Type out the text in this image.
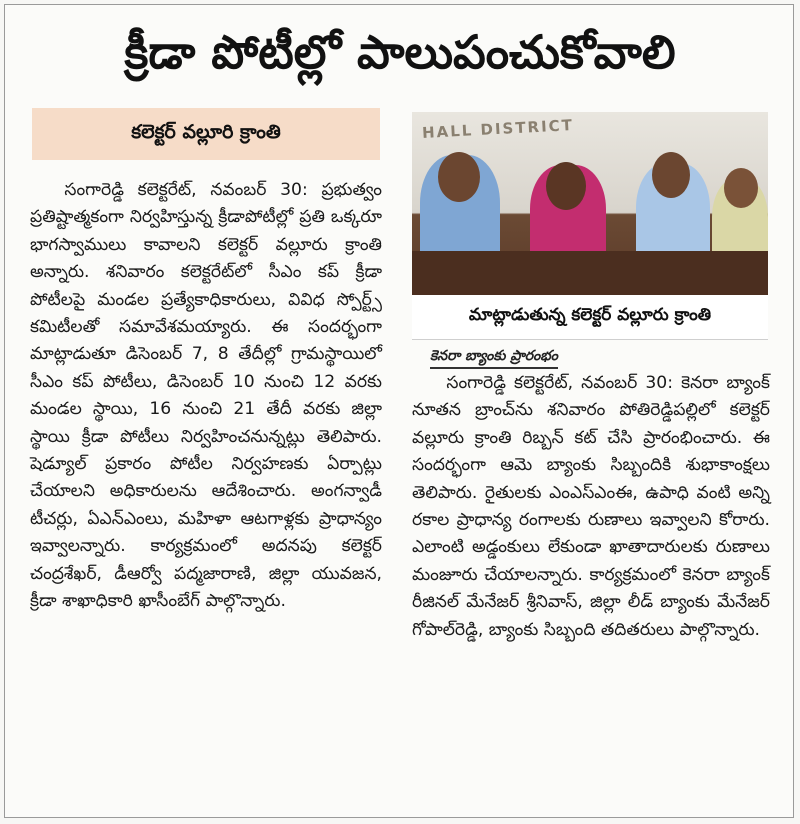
క్రీడా పోటీల్లో పాలుపంచుకోవాలి
కలెక్టర్ వల్లూరి క్రాంతి

సంగారెడ్డి కలెక్టరేట్, నవంబర్ 30: ప్రభుత్వం ప్రతిష్టాత్మకంగా నిర్వహిస్తున్న క్రీడాపోటీల్లో ప్రతి ఒక్కరూ భాగస్వాములు కావాలని కలెక్టర్ వల్లూరు క్రాంతి అన్నారు. శనివారం కలెక్టరేట్‌లో సీఎం కప్ క్రీడా పోటీలపై మండల ప్రత్యేకాధికారులు, వివిధ స్పోర్ట్స్ కమిటీలతో సమావేశమయ్యారు. ఈ సందర్భంగా మాట్లాడుతూ డిసెంబర్ 7, 8 తేదీల్లో గ్రామస్థాయిలో సీఎం కప్ పోటీలు, డిసెంబర్ 10 నుంచి 12 వరకు మండల స్థాయి, 16 నుంచి 21 తేదీ వరకు జిల్లా స్థాయి క్రీడా పోటీలు నిర్వహించనున్నట్లు తెలిపారు. షెడ్యూల్ ప్రకారం పోటీల నిర్వహణకు ఏర్పాట్లు చేయాలని అధికారులను ఆదేశించారు. అంగన్వాడీ టీచర్లు, ఏఎన్ఎంలు, మహిళా ఆటగాళ్లకు ప్రాధాన్యం ఇవ్వాలన్నారు. కార్యక్రమంలో అదనపు కలెక్టర్ చంద్రశేఖర్, డీఆర్వో పద్మజారాణి, జిల్లా యువజన, క్రీడా శాఖాధికారి ఖాసీంబేగ్ పాల్గొన్నారు.

HALL DISTRICT
మాట్లాడుతున్న కలెక్టర్ వల్లూరు క్రాంతి
కెనరా బ్యాంకు ప్రారంభం

సంగారెడ్డి కలెక్టరేట్, నవంబర్ 30: కెనరా బ్యాంక్ నూతన బ్రాంచ్‌ను శనివారం పోతిరెడ్డిపల్లిలో కలెక్టర్ వల్లూరు క్రాంతి రిబ్బన్ కట్ చేసి ప్రారంభించారు. ఈ సందర్భంగా ఆమె బ్యాంకు సిబ్బందికి శుభాకాంక్షలు తెలిపారు. రైతులకు ఎంఎస్ఎంఈ, ఉపాధి వంటి అన్ని రకాల ప్రాధాన్య రంగాలకు రుణాలు ఇవ్వాలని కోరారు. ఎలాంటి అడ్డంకులు లేకుండా ఖాతాదారులకు రుణాలు మంజూరు చేయాలన్నారు. కార్యక్రమంలో కెనరా బ్యాంక్ రీజినల్ మేనేజర్ శ్రీనివాస్, జిల్లా లీడ్ బ్యాంకు మేనేజర్ గోపాల్‌రెడ్డి, బ్యాంకు సిబ్బంది తదితరులు పాల్గొన్నారు.
